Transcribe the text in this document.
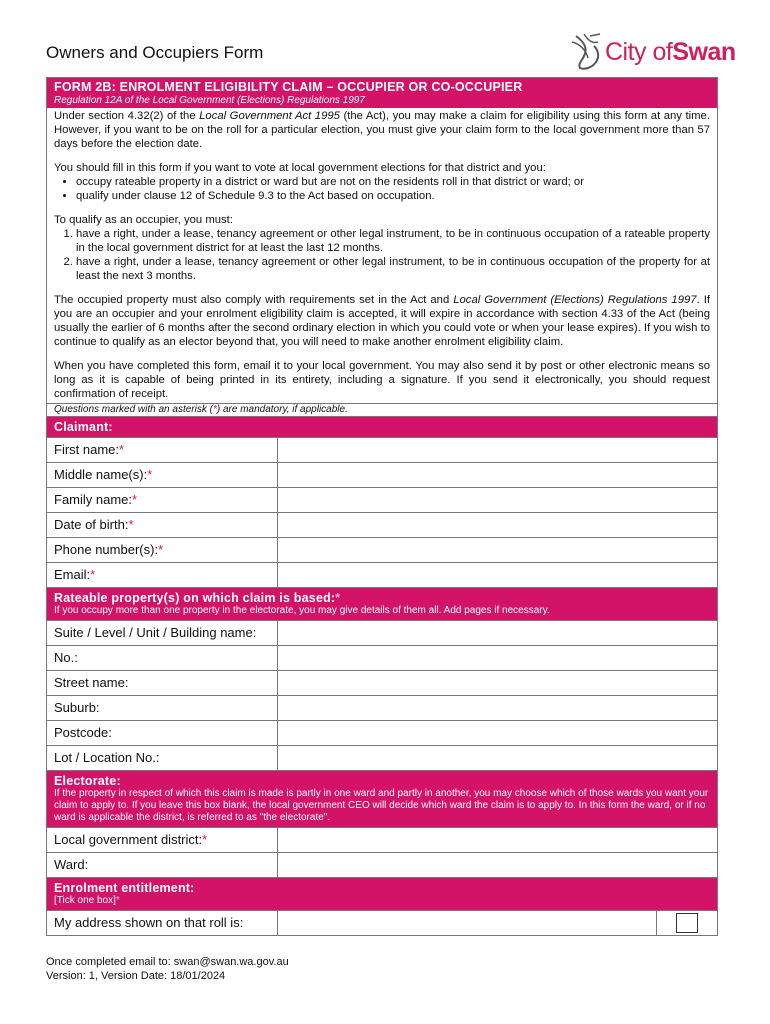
Owners and Occupiers Form	City ofSwan
FORM 2B: ENROLMENT ELIGIBILITY CLAIM – OCCUPIER OR CO-OCCUPIER
Regulation 12A of the Local Government (Elections) Regulations 1997

Under section 4.32(2) of the Local Government Act 1995 (the Act), you may make a claim for eligibility using this form at any time. However, if you want to be on the roll for a particular election, you must give your claim form to the local government more than 57 days before the election date.

You should fill in this form if you want to vote at local government elections for that district and you:

• occupy rateable property in a district or ward but are not on the residents roll in that district or ward; or
• qualify under clause 12 of Schedule 9.3 to the Act based on occupation.

To qualify as an occupier, you must:

1. have a right, under a lease, tenancy agreement or other legal instrument, to be in continuous occupation of a rateable property in the local government district for at least the last 12 months.
2. have a right, under a lease, tenancy agreement or other legal instrument, to be in continuous occupation of the property for at least the next 3 months.

The occupied property must also comply with requirements set in the Act and Local Government (Elections) Regulations 1997. If you are an occupier and your enrolment eligibility claim is accepted, it will expire in accordance with section 4.33 of the Act (being usually the earlier of 6 months after the second ordinary election in which you could vote or when your lease expires). If you wish to continue to qualify as an elector beyond that, you will need to make another enrolment eligibility claim.

When you have completed this form, email it to your local government. You may also send it by post or other electronic means so long as it is capable of being printed in its entirety, including a signature. If you send it electronically, you should request confirmation of receipt.

Questions marked with an asterisk (*) are mandatory, if applicable.
Claimant:
First name:*
Middle name(s):*
Family name:*
Date of birth:*
Phone number(s):*
Email:*
Rateable property(s) on which claim is based:*
If you occupy more than one property in the electorate, you may give details of them all. Add pages if necessary.
Suite / Level / Unit / Building name:
No.:
Street name:
Suburb:
Postcode:
Lot / Location No.:
Electorate:
If the property in respect of which this claim is made is partly in one ward and partly in another, you may choose which of those wards you want your claim to apply to. If you leave this box blank, the local government CEO will decide which ward the claim is to apply to. In this form the ward, or if no ward is applicable the district, is referred to as "the electorate".
Local government district:*
Ward:
Enrolment entitlement:
[Tick one box]*
My address shown on that roll is:
Once completed email to: swan@swan.wa.gov.au
Version: 1, Version Date: 18/01/2024
